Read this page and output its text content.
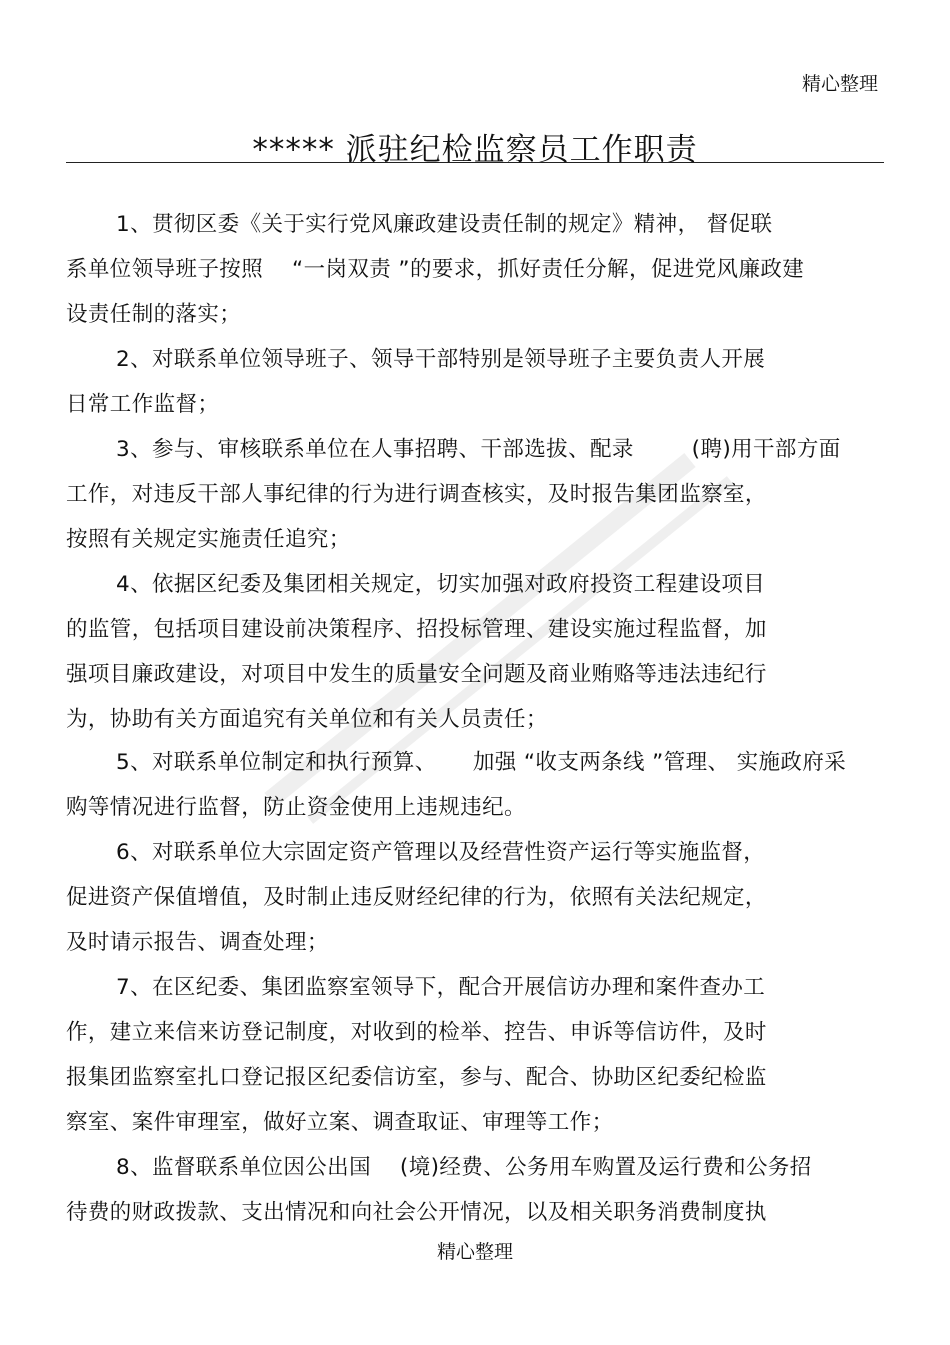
精心整理
***** 派驻纪检监察员工作职责
1、贯彻区委《关于实行党风廉政建设责任制的规定》精神， 督促联
系单位领导班子按照    “一岗双责 ”的要求，抓好责任分解，促进党风廉政建
设责任制的落实；
2、对联系单位领导班子、领导干部特别是领导班子主要负责人开展
日常工作监督；
3、参与、审核联系单位在人事招聘、干部选拔、配录        (聘)用干部方面
工作，对违反干部人事纪律的行为进行调查核实，及时报告集团监察室，
按照有关规定实施责任追究；
4、依据区纪委及集团相关规定，切实加强对政府投资工程建设项目
的监管，包括项目建设前决策程序、招投标管理、建设实施过程监督，加
强项目廉政建设，对项目中发生的质量安全问题及商业贿赂等违法违纪行
为，协助有关方面追究有关单位和有关人员责任；
5、对联系单位制定和执行预算、     加强 “收支两条线 ”管理、 实施政府采
购等情况进行监督，防止资金使用上违规违纪。
6、对联系单位大宗固定资产管理以及经营性资产运行等实施监督，
促进资产保值增值，及时制止违反财经纪律的行为，依照有关法纪规定，
及时请示报告、调查处理；
7、在区纪委、集团监察室领导下，配合开展信访办理和案件查办工
作，建立来信来访登记制度，对收到的检举、控告、申诉等信访件，及时
报集团监察室扎口登记报区纪委信访室，参与、配合、协助区纪委纪检监
察室、案件审理室，做好立案、调查取证、审理等工作；
8、监督联系单位因公出国    (境)经费、公务用车购置及运行费和公务招
待费的财政拨款、支出情况和向社会公开情况，以及相关职务消费制度执
精心整理
